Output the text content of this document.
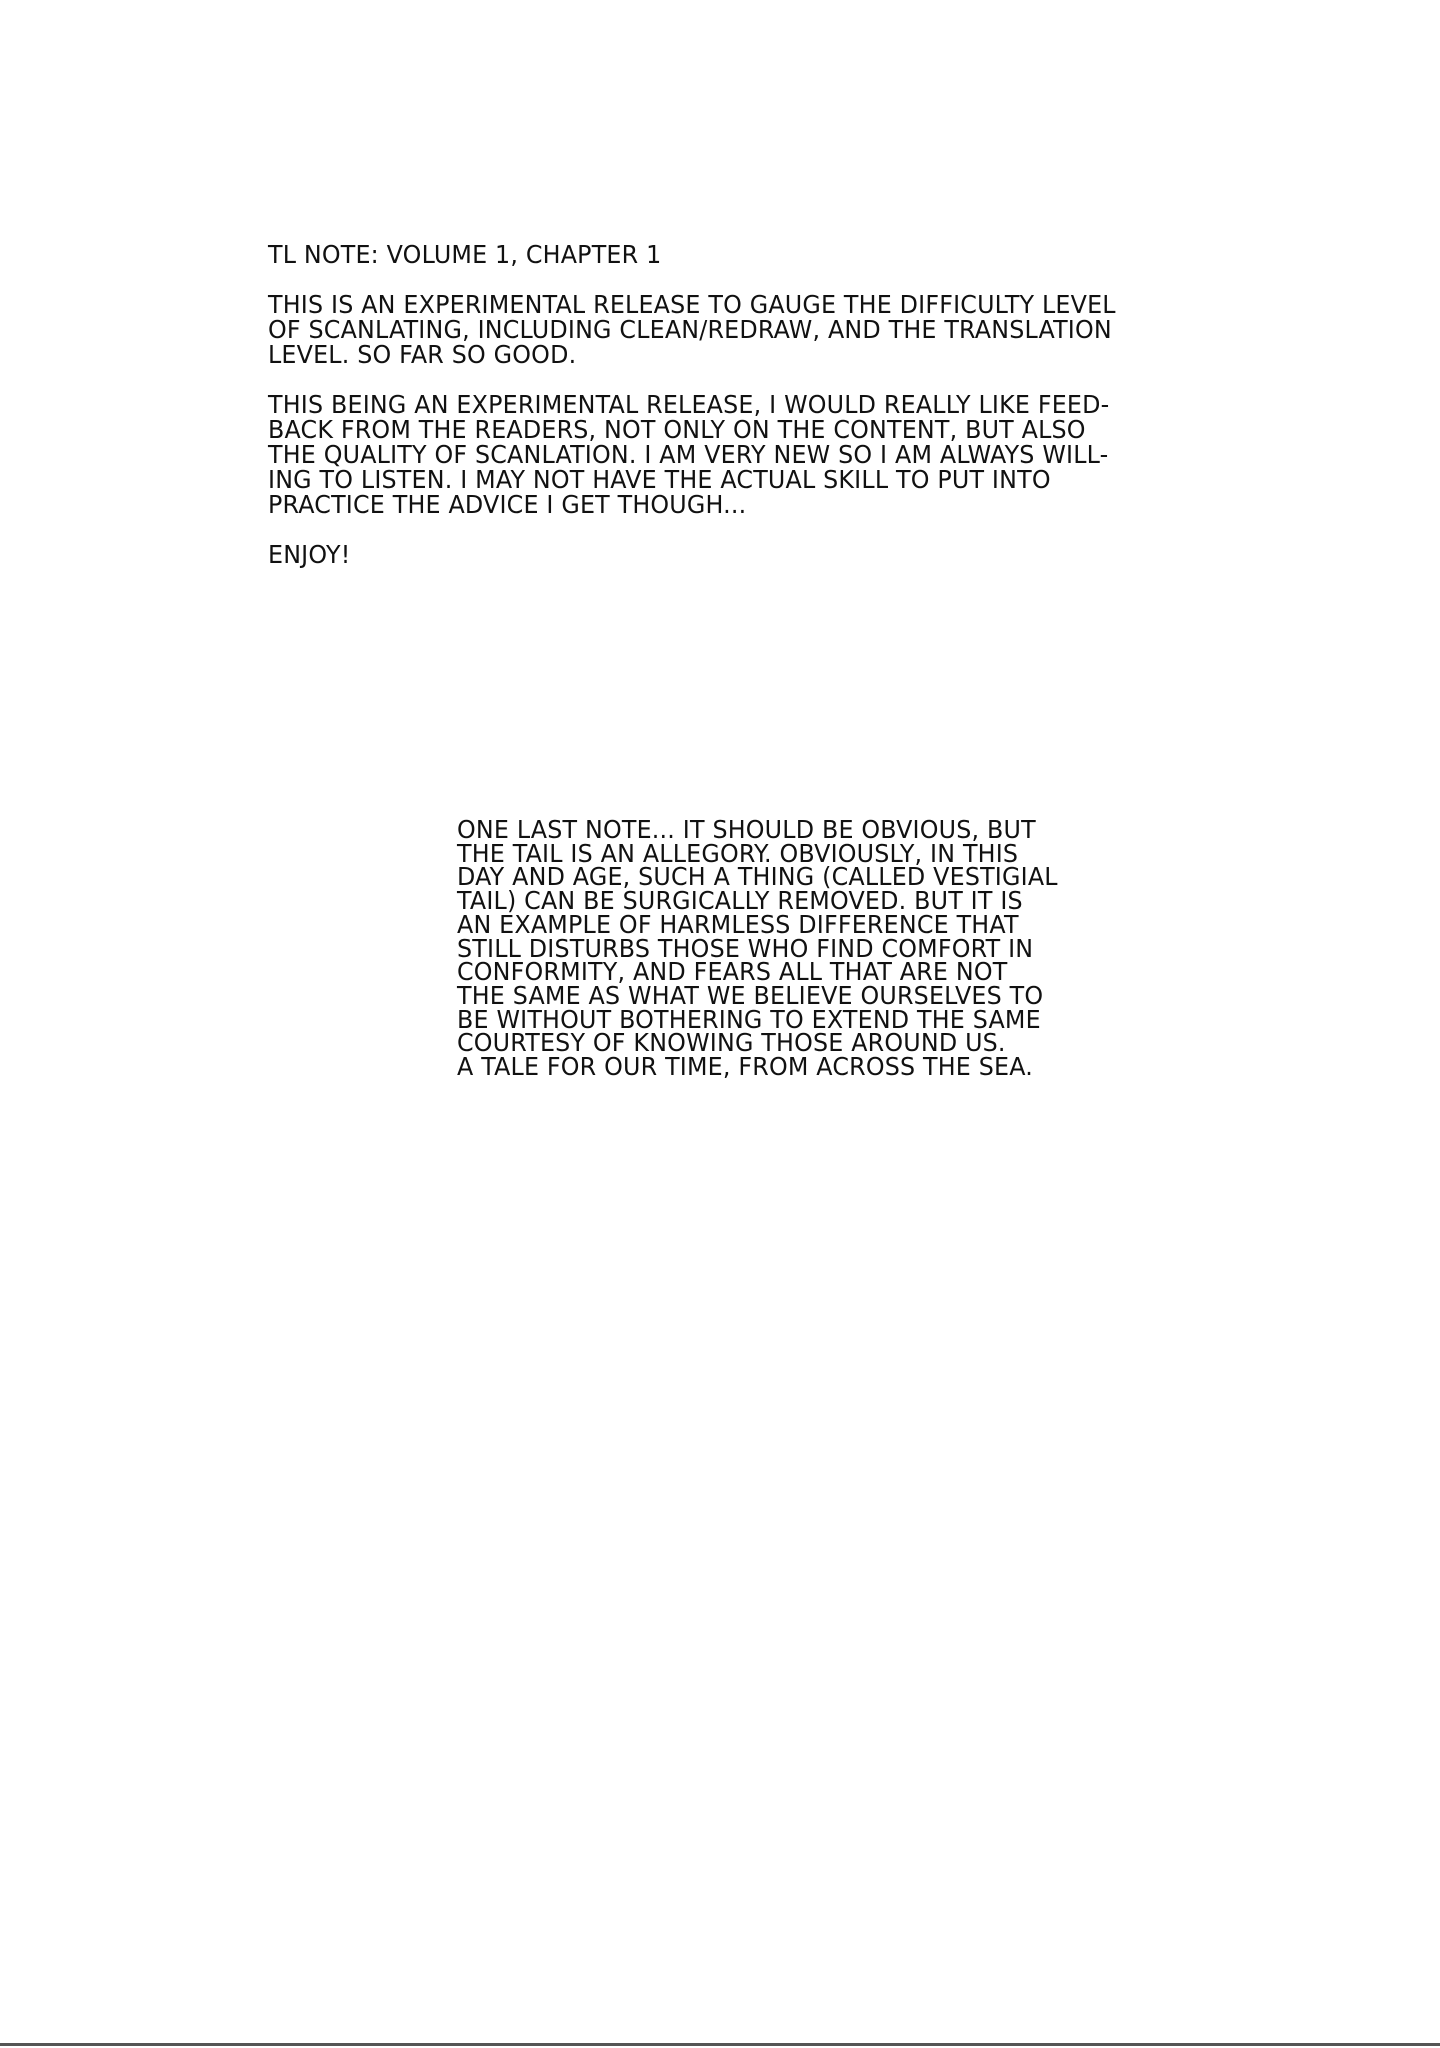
TL NOTE: VOLUME 1, CHAPTER 1
THIS IS AN EXPERIMENTAL RELEASE TO GAUGE THE DIFFICULTY LEVEL
OF SCANLATING, INCLUDING CLEAN/REDRAW, AND THE TRANSLATION
LEVEL. SO FAR SO GOOD.
THIS BEING AN EXPERIMENTAL RELEASE, I WOULD REALLY LIKE FEED-
BACK FROM THE READERS, NOT ONLY ON THE CONTENT, BUT ALSO
THE QUALITY OF SCANLATION. I AM VERY NEW SO I AM ALWAYS WILL-
ING TO LISTEN. I MAY NOT HAVE THE ACTUAL SKILL TO PUT INTO
PRACTICE THE ADVICE I GET THOUGH...
ENJOY!
ONE LAST NOTE... IT SHOULD BE OBVIOUS, BUT
THE TAIL IS AN ALLEGORY. OBVIOUSLY, IN THIS
DAY AND AGE, SUCH A THING (CALLED VESTIGIAL
TAIL) CAN BE SURGICALLY REMOVED. BUT IT IS
AN EXAMPLE OF HARMLESS DIFFERENCE THAT
STILL DISTURBS THOSE WHO FIND COMFORT IN
CONFORMITY, AND FEARS ALL THAT ARE NOT
THE SAME AS WHAT WE BELIEVE OURSELVES TO
BE WITHOUT BOTHERING TO EXTEND THE SAME
COURTESY OF KNOWING THOSE AROUND US.
A TALE FOR OUR TIME, FROM ACROSS THE SEA.
